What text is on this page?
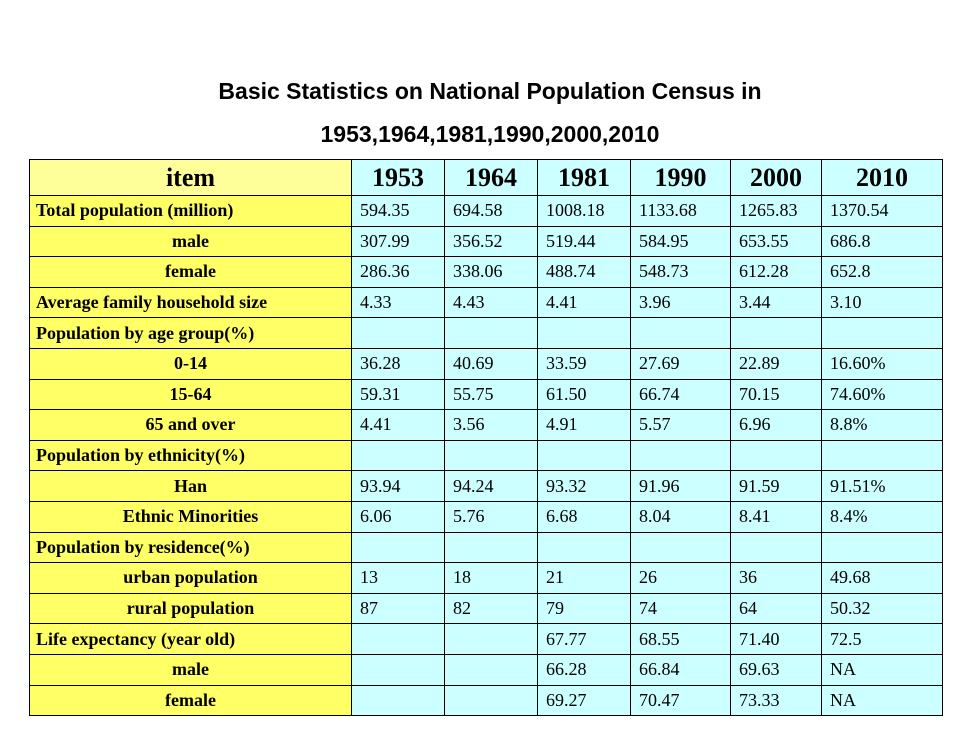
Basic Statistics on National Population Census in
1953,1964,1981,1990,2000,2010
item	1953	1964	1981	1990	2000	2010
Total population (million)	594.35	694.58	1008.18	1133.68	1265.83	1370.54
male	307.99	356.52	519.44	584.95	653.55	686.8
female	286.36	338.06	488.74	548.73	612.28	652.8
Average family household size	4.33	4.43	4.41	3.96	3.44	3.10
Population by age group(%)						
0-14	36.28	40.69	33.59	27.69	22.89	16.60%
15-64	59.31	55.75	61.50	66.74	70.15	74.60%
65 and over	4.41	3.56	4.91	5.57	6.96	8.8%
Population by ethnicity(%)						
Han	93.94	94.24	93.32	91.96	91.59	91.51%
Ethnic Minorities	6.06	5.76	6.68	8.04	8.41	8.4%
Population by residence(%)						
urban population	13	18	21	26	36	49.68
rural population	87	82	79	74	64	50.32
Life expectancy (year old)			67.77	68.55	71.40	72.5
male			66.28	66.84	69.63	NA
female			69.27	70.47	73.33	NA
